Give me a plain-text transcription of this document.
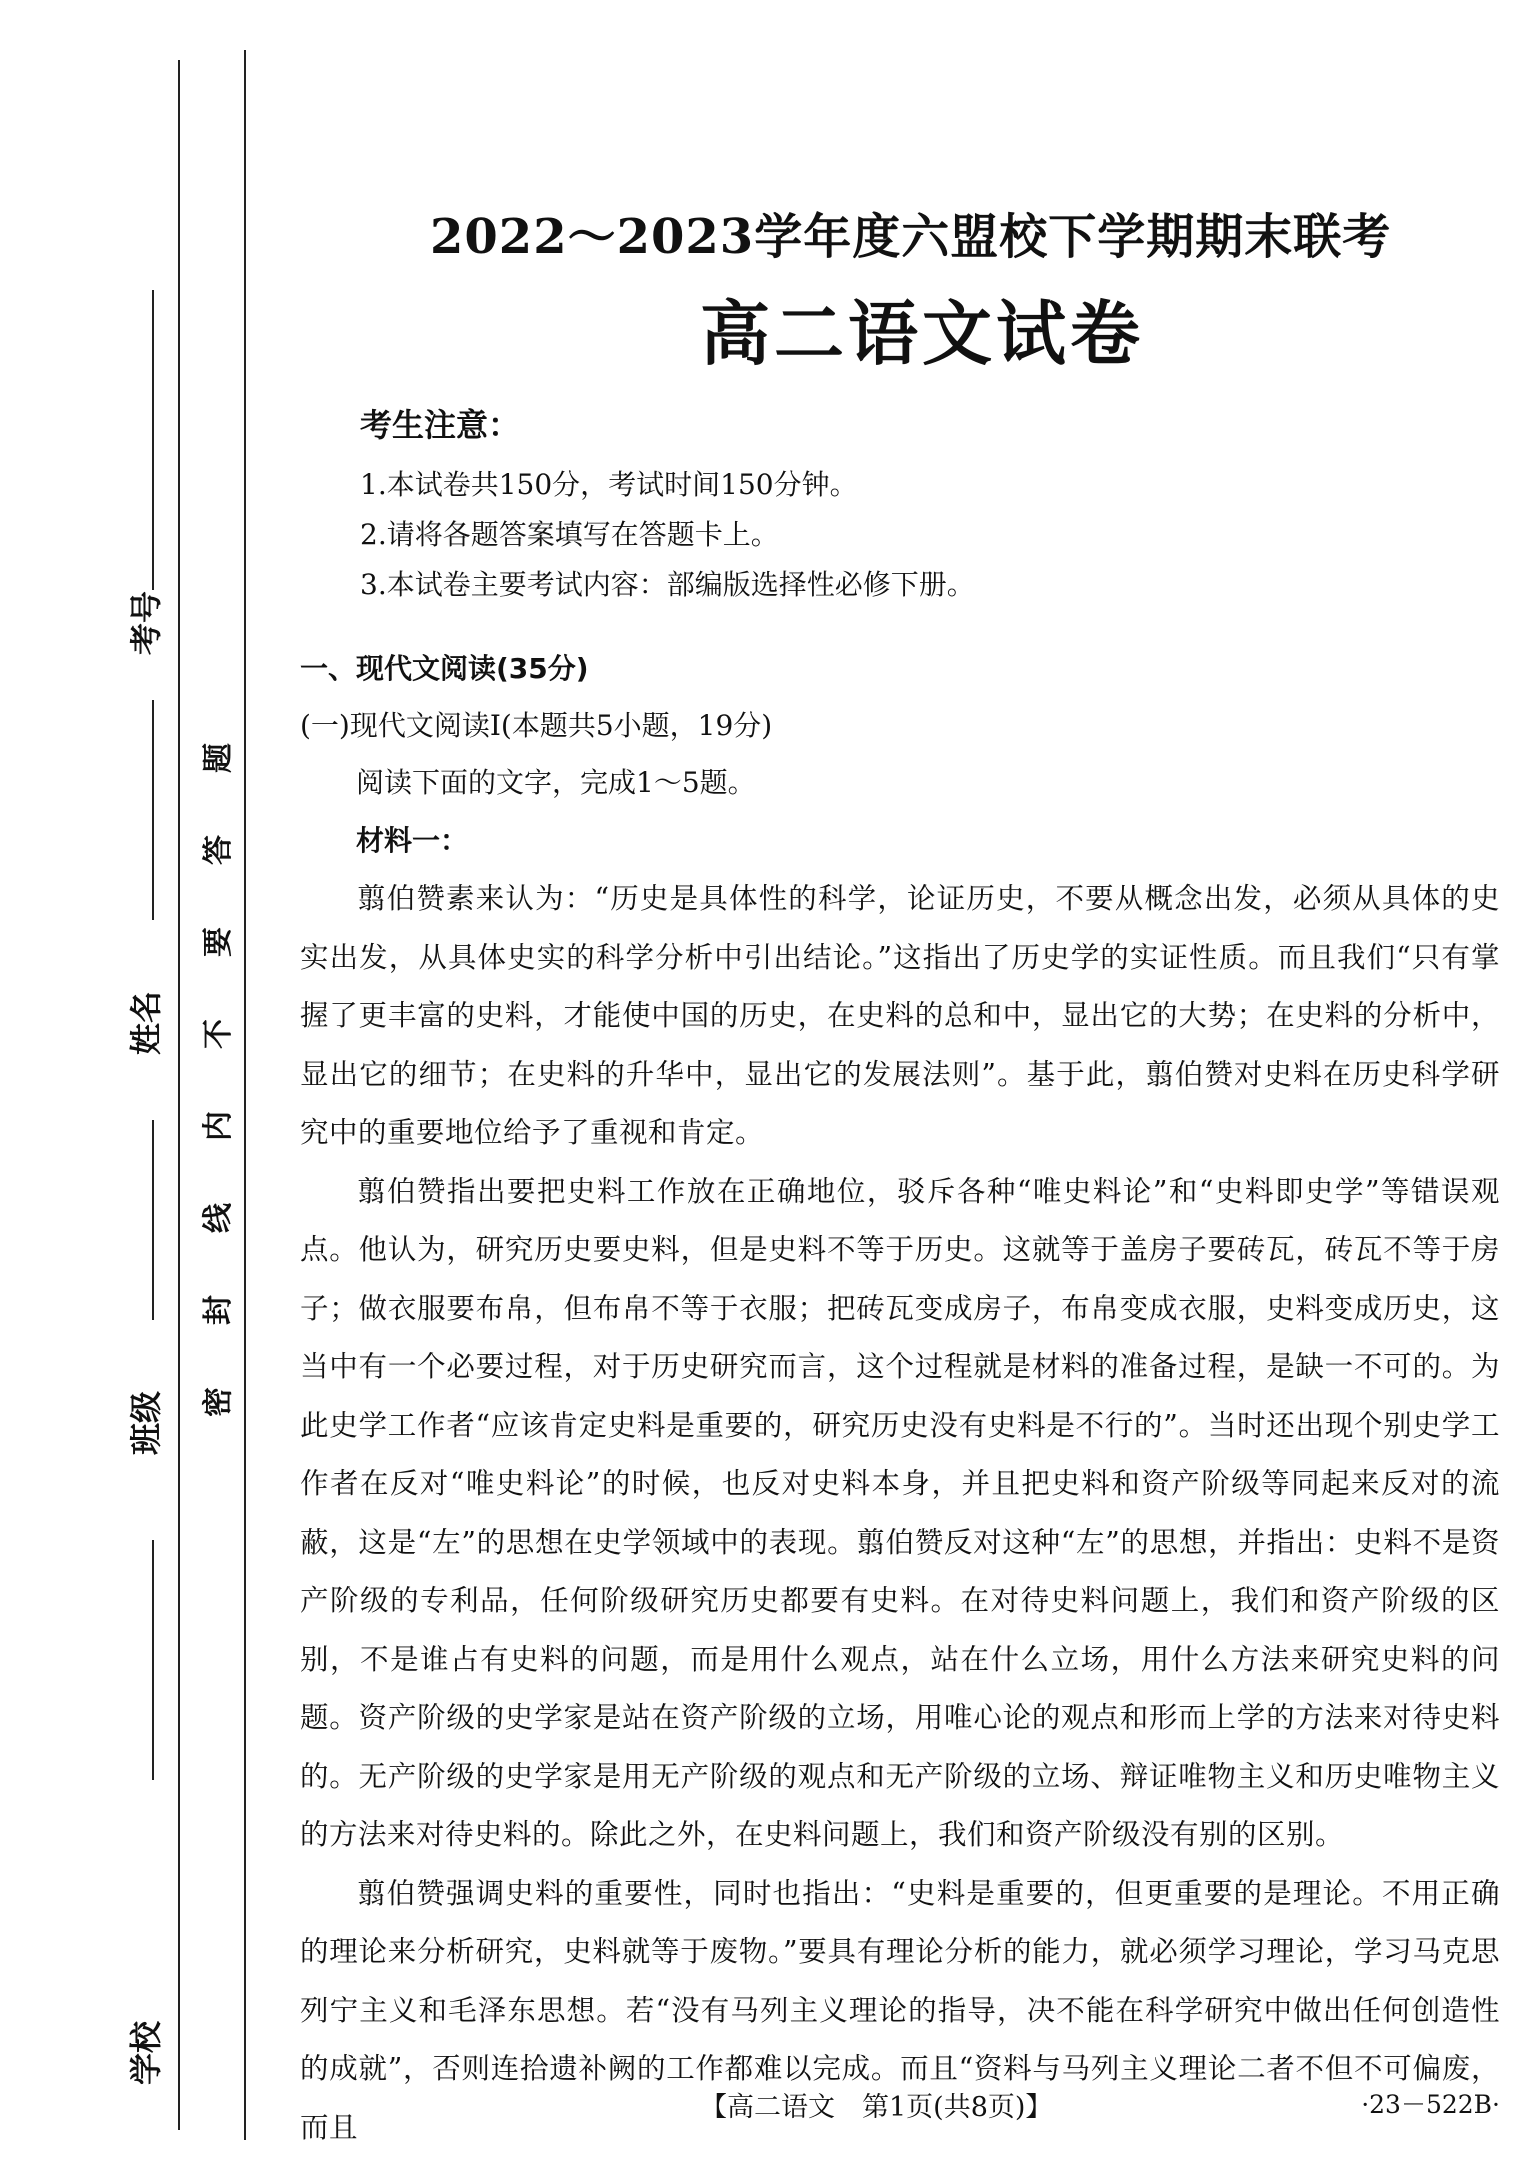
考号
姓名
班级
学校
密
封
线
内
不
要
答
题
2022～2023学年度六盟校下学期期末联考
高二语文试卷
考生注意：
1.本试卷共150分，考试时间150分钟。
2.请将各题答案填写在答题卡上。
3.本试卷主要考试内容：部编版选择性必修下册。
一、现代文阅读(35分)
(一)现代文阅读Ⅰ(本题共5小题，19分)
阅读下面的文字，完成1～5题。
材料一：

翦伯赞素来认为：“历史是具体性的科学，论证历史，不要从概念出发，必须从具体的史实出发，从具体史实的科学分析中引出结论。”这指出了历史学的实证性质。而且我们“只有掌握了更丰富的史料，才能使中国的历史，在史料的总和中，显出它的大势；在史料的分析中，显出它的细节；在史料的升华中，显出它的发展法则”。基于此，翦伯赞对史料在历史科学研究中的重要地位给予了重视和肯定。

翦伯赞指出要把史料工作放在正确地位，驳斥各种“唯史料论”和“史料即史学”等错误观点。他认为，研究历史要史料，但是史料不等于历史。这就等于盖房子要砖瓦，砖瓦不等于房子；做衣服要布帛，但布帛不等于衣服；把砖瓦变成房子，布帛变成衣服，史料变成历史，这当中有一个必要过程，对于历史研究而言，这个过程就是材料的准备过程，是缺一不可的。为此史学工作者“应该肯定史料是重要的，研究历史没有史料是不行的”。当时还出现个别史学工作者在反对“唯史料论”的时候，也反对史料本身，并且把史料和资产阶级等同起来反对的流蔽，这是“左”的思想在史学领域中的表现。翦伯赞反对这种“左”的思想，并指出：史料不是资产阶级的专利品，任何阶级研究历史都要有史料。在对待史料问题上，我们和资产阶级的区别，不是谁占有史料的问题，而是用什么观点，站在什么立场，用什么方法来研究史料的问题。资产阶级的史学家是站在资产阶级的立场，用唯心论的观点和形而上学的方法来对待史料的。无产阶级的史学家是用无产阶级的观点和无产阶级的立场、辩证唯物主义和历史唯物主义的方法来对待史料的。除此之外，在史料问题上，我们和资产阶级没有别的区别。

翦伯赞强调史料的重要性，同时也指出：“史料是重要的，但更重要的是理论。不用正确的理论来分析研究，史料就等于废物。”要具有理论分析的能力，就必须学习理论，学习马克思列宁主义和毛泽东思想。若“没有马列主义理论的指导，决不能在科学研究中做出任何创造性的成就”，否则连拾遗补阙的工作都难以完成。而且“资料与马列主义理论二者不但不可偏废，而且

【高二语文　第1页(共8页)】	·23－522B·
